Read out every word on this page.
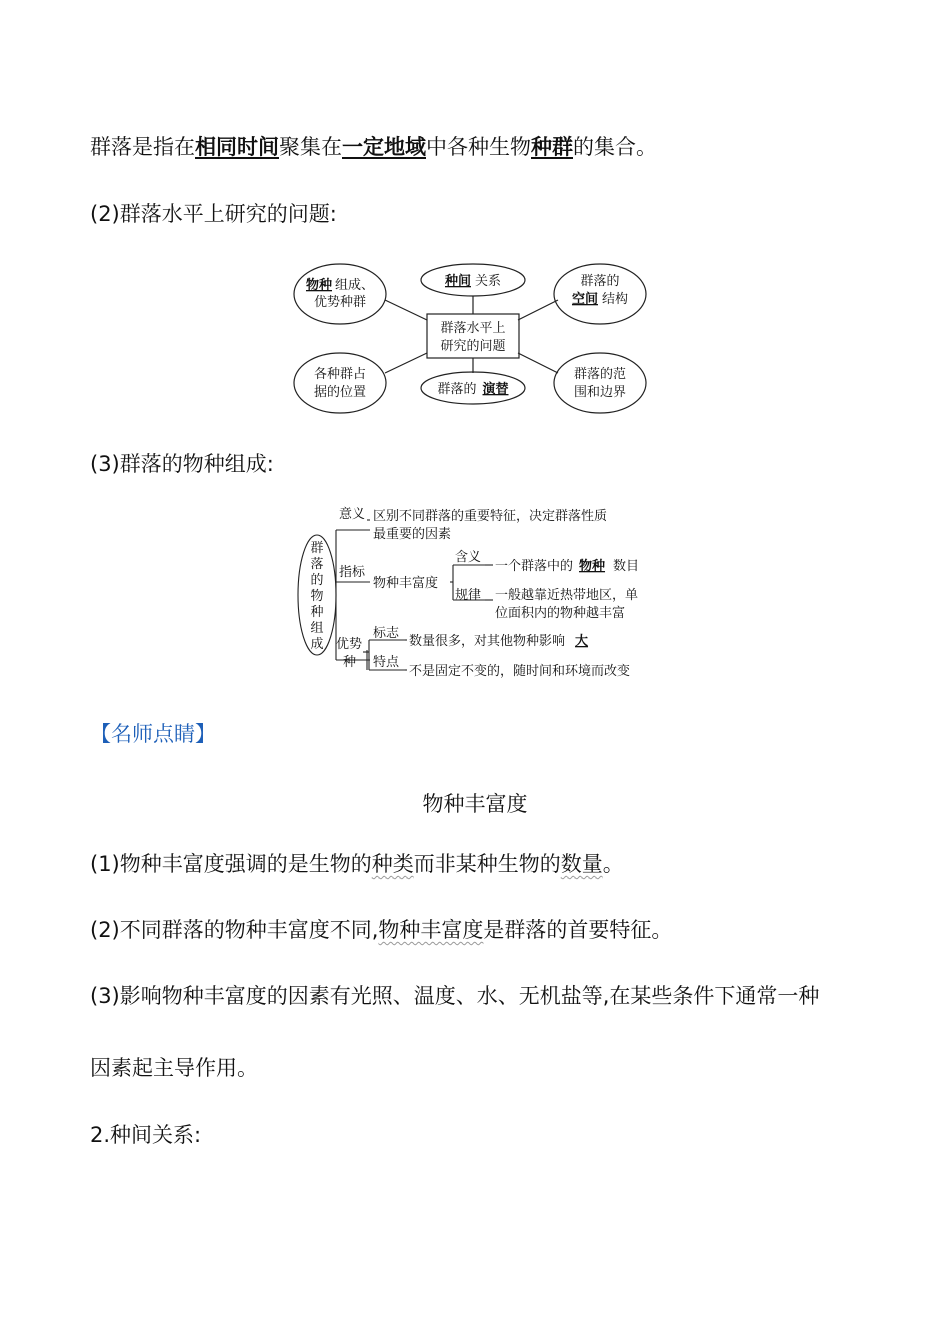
群落是指在相同时间聚集在一定地域中各种生物种群的集合。
(2)群落水平上研究的问题:
群落水平上
研究的问题
物种 组成、
优势种群
种间 关系	群落的
空间 结构
各种群占
据的位置	群落的 演替
群落的范
围和边界
(3)群落的物种组成:
群
落
的
物
种
组
成
意义 区别不同群落的重要特征，决定群落性质
最重要的因素
指标
物种丰富度
含义
一个群落中的 物种 数目
规律 一般越靠近热带地区，单
位面积内的物种越丰富
优势
种
标志
数量很多，对其他物种影响 大
特点
不是固定不变的，随时间和环境而改变
【名师点睛】
物种丰富度
(1)物种丰富度强调的是生物的种类而非某种生物的数量。
(2)不同群落的物种丰富度不同,物种丰富度是群落的首要特征。
(3)影响物种丰富度的因素有光照、温度、水、无机盐等,在某些条件下通常一种
因素起主导作用。
2.种间关系:
